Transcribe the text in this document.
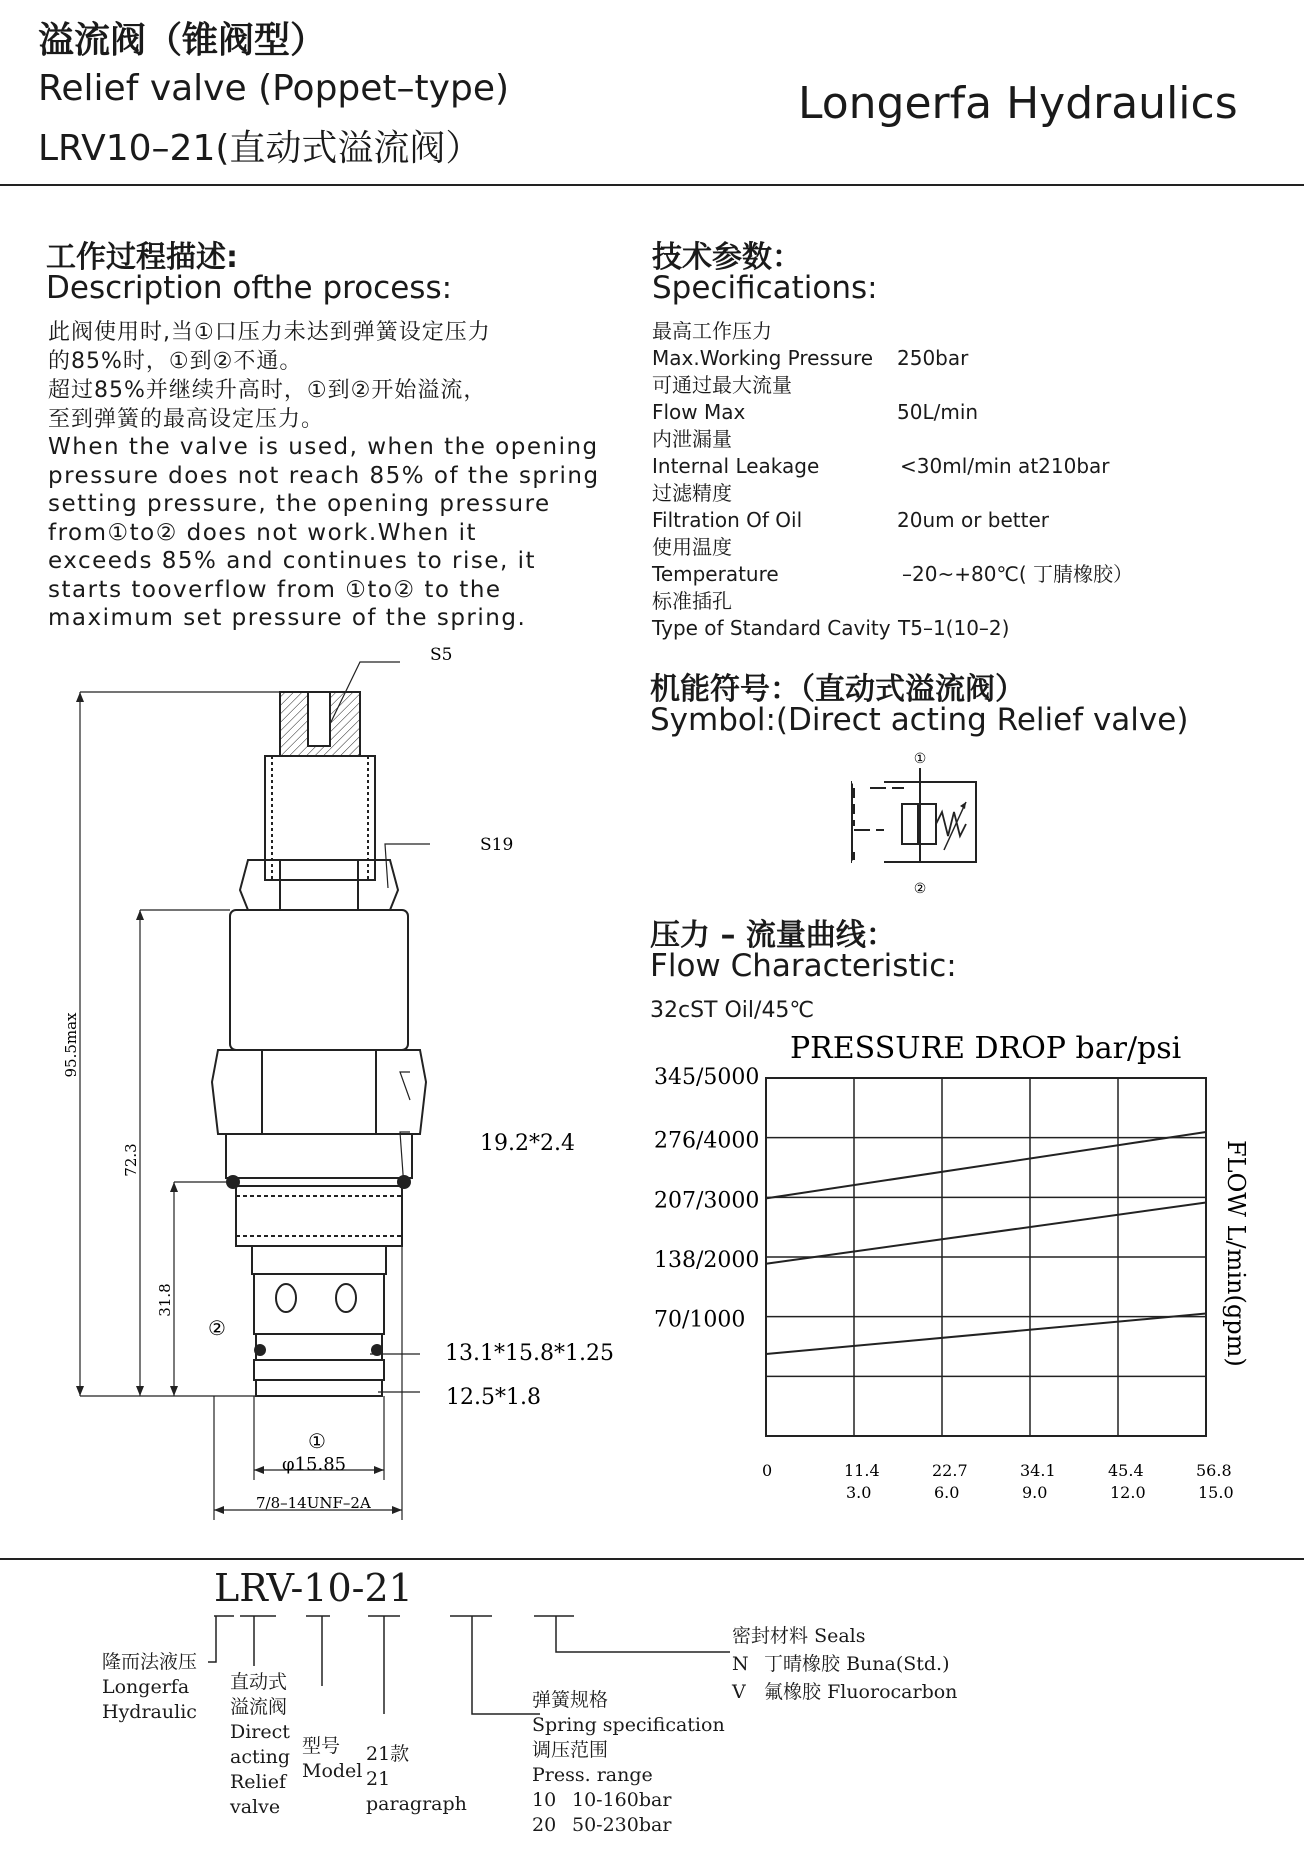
溢流阀（锥阀型）
Relief valve (Poppet–type)
LRV10–21(直动式溢流阀）
Longerfa Hydraulics
工作过程描述:
Description ofthe process:
此阀使用时,当①口压力未达到弹簧设定压力
的85%时，①到②不通。
超过85%并继续升高时，①到②开始溢流，
至到弹簧的最高设定压力。
When the valve is used, when the opening
pressure does not reach 85% of the spring
setting pressure, the opening pressure
from①to② does not work.When it
exceeds 85% and continues to rise, it
starts tooverflow from ①to② to the
maximum set pressure of the spring.
技术参数：
Specifications:
最高工作压力
Max.Working Pressure 250bar
可通过最大流量
Flow Max	50L/min
内泄漏量
Internal Leakage	<30ml/min at210bar
过滤精度
Filtration Of Oil	20um or better
使用温度
Temperature	–20~+80℃( 丁腈橡胶）
标准插孔
Type of Standard Cavity T5–1(10–2)
机能符号：（直动式溢流阀）
Symbol:(Direct acting Relief valve)
①
②
压力 – 流量曲线：
Flow Characteristic:
32cST Oil/45℃
PRESSURE DROP bar/psi
345/5000
276/4000
207/3000
138/2000
70/1000
0	11.4
3.0
22.7
6.0
34.1
9.0
45.4
12.0
56.8
15.0
FLOW L/min(gpm)
S5
S19
19.2*2.4
13.1*15.8*1.25
12.5*1.8
②
①
φ15.85
7/8–14UNF–2A
95.5max
72.3
31.8
LRV-10-21
隆而法液压
Longerfa
Hydraulic
直动式
溢流阀
Direct
acting
Relief
valve
型号
Model
21款
21
paragraph
弹簧规格
Spring specification
调压范围
Press. range
10 10-160bar
20 50-230bar
密封材料 Seals
N 丁晴橡胶 Buna(Std.)
V 氟橡胶 Fluorocarbon
